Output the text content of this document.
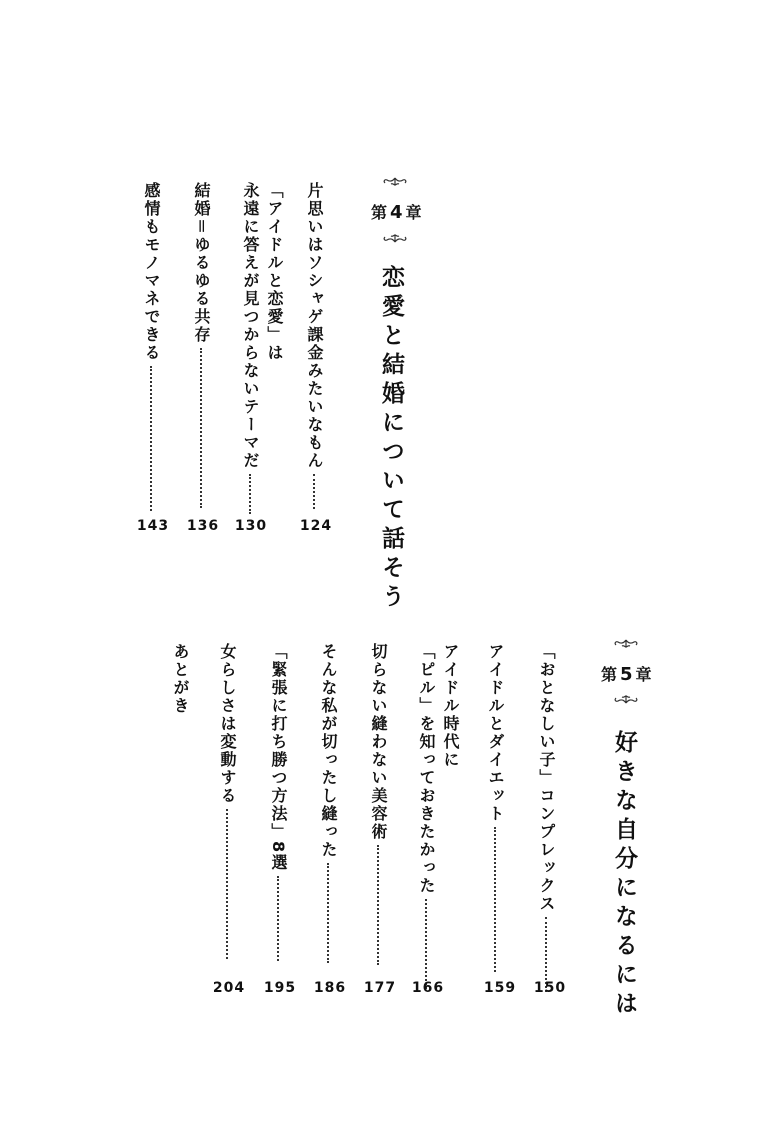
第 4 章
恋愛と結婚について話そう
片思いはソシャゲ課金みたいなもん
124
「アイドルと恋愛」は
永遠に答えが見つからないテーマだ
130
結婚＝ゆるゆる共存
136
感情もモノマネできる
143
第 5 章
好きな自分になるには
「おとなしい子」コンプレックス
150
アイドルとダイエット
159
アイドル時代に
「ピル」を知っておきたかった
166
切らない縫わない美容術
177
そんな私が切ったし縫った
186
「緊張に打ち勝つ方法」8選
195
女らしさは変動する
204
あとがき
